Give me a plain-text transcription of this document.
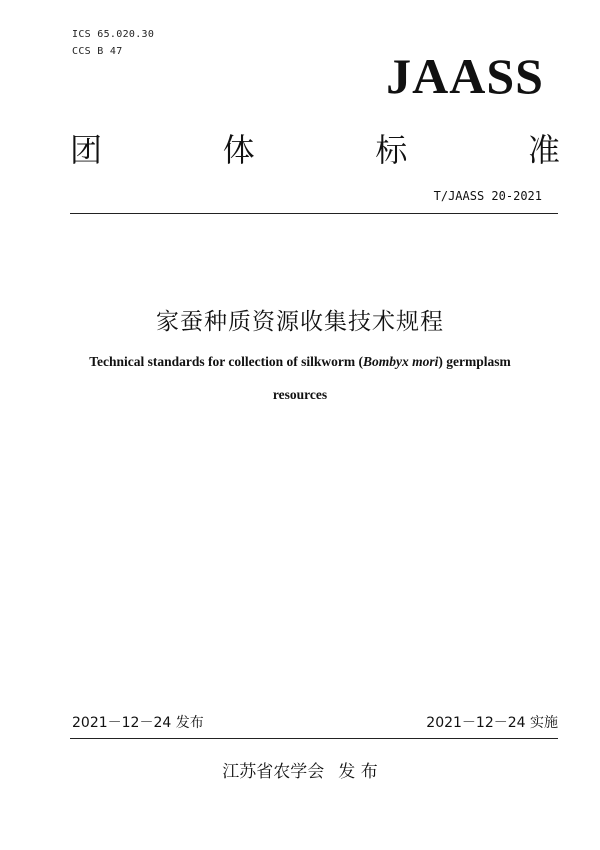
ICS 65.020.30
CCS B 47	JAASS
团	体	标	准
T/JAASS 20-2021
家蚕种质资源收集技术规程
Technical standards for collection of silkworm (Bombyx mori) germplasm
resources
2021－12－24 发布	2021－12－24 实施
江苏省农学会 发 布
